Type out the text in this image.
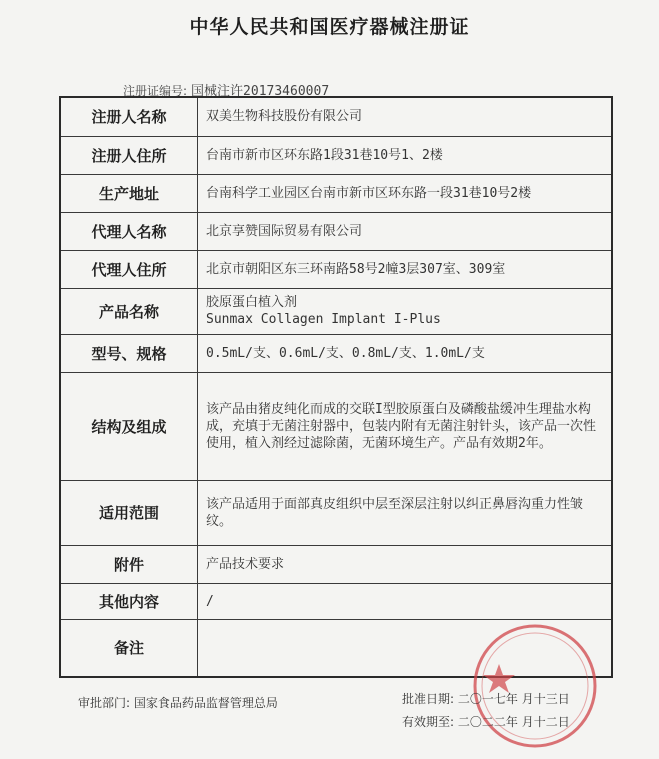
中华人民共和国医疗器械注册证
注册证编号: 国械注许20173460007
注册人名称	双美生物科技股份有限公司
注册人住所	台南市新市区环东路1段31巷10号1、2楼
生产地址	台南科学工业园区台南市新市区环东路一段31巷10号2楼
代理人名称	北京享赞国际贸易有限公司
代理人住所	北京市朝阳区东三环南路58号2幢3层307室、309室
产品名称	胶原蛋白植入剂
Sunmax Collagen Implant I-Plus

型号、规格	0.5mL/支、0.6mL/支、0.8mL/支、1.0mL/支
结构及组成	该产品由猪皮纯化而成的交联I型胶原蛋白及磷酸盐缓冲生理盐水构成，充填于无菌注射器中，包装内附有无菌注射针头，该产品一次性使用，植入剂经过滤除菌，无菌环境生产。产品有效期2年。
适用范围	该产品适用于面部真皮组织中层至深层注射以纠正鼻唇沟重力性皱纹。
附件	产品技术要求
其他内容	/
备注	
审批部门: 国家食品药品监督管理总局	批准日期: 二〇一七年 月十三日
有效期至: 二〇二二年 月十二日
